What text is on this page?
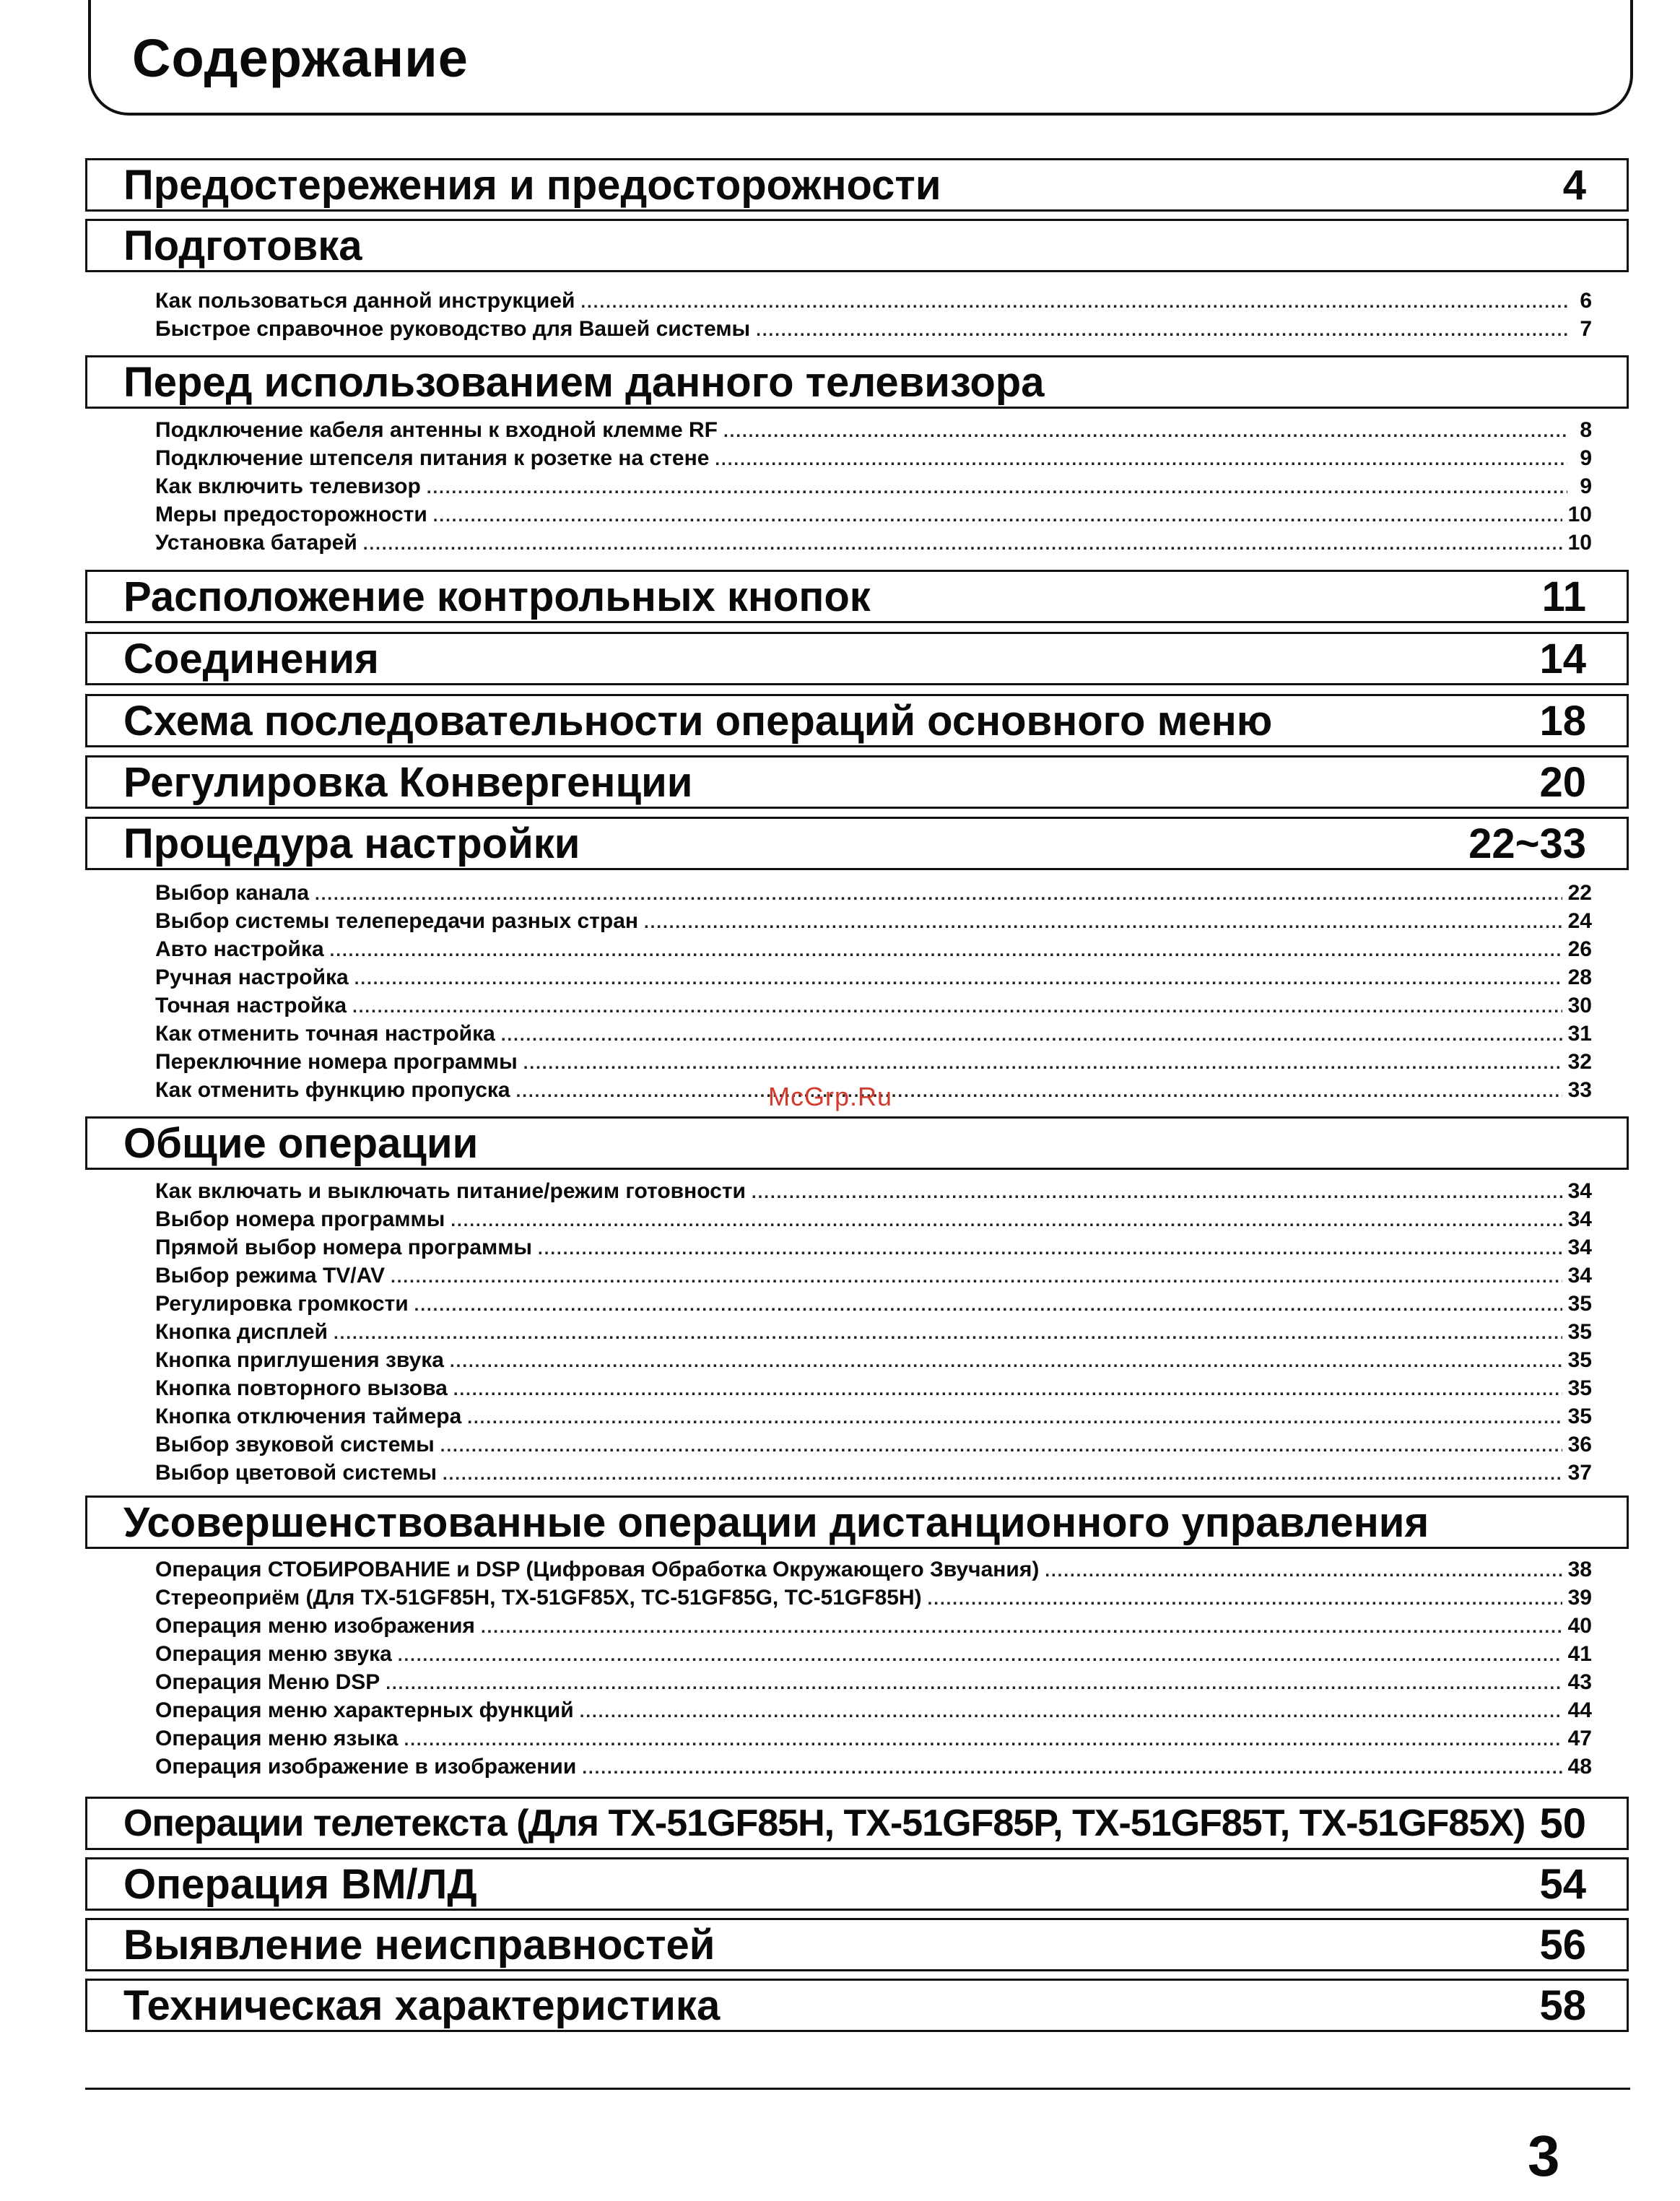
Содержание
Предостережения и предосторожности	4
Подготовка
Как пользоваться данной инструкцией .....	6
Быстрое справочное руководство для Вашей системы .....	7
Перед использованием данного телевизора
Подключение кабеля антенны к входной клемме RF .....	8
Подключение штепселя питания к розетке на стене .....	9
Как включить телевизор .....	9
Меры предосторожности .....	10
Установка батарей .....	10
Расположение контрольных кнопок	11
Соединения	14
Схема последовательности операций основного меню	18
Регулировка Конвергенции	20
Процедура настройки	22~33
Выбор канала .....	22
Выбор системы телепередачи разных стран .....	24
Авто настройка .....	26
Ручная настройка .....	28
Точная настройка .....	30
Как отменить точная настройка .....	31
Переключние номера программы .....	32
Как отменить функцию пропуска .....	33
McGrp.Ru
Общие операции
Как включать и выключать питание/режим готовности .....	34
Выбор номера программы .....	34
Прямой выбор номера программы .....	34
Выбор режима TV/AV .....	34
Регулировка громкости .....	35
Кнопка дисплей .....	35
Кнопка приглушения звука .....	35
Кнопка повторного вызова .....	35
Кнопка отключения таймера .....	35
Выбор звуковой системы .....	36
Выбор цветовой системы .....	37
Усовершенствованные операции дистанционного управления
Операция СТОБИРОВАНИЕ и DSP (Цифровая Обработка Окружающего Звучания) .....	38
Стереоприём (Для TX-51GF85H, TX-51GF85X, TC-51GF85G, TC-51GF85H) .....	39
Операция меню изображения .....	40
Операция меню звука .....	41
Операция Меню DSP .....	43
Операция меню характерных функций .....	44
Операция меню языка .....	47
Операция изображение в изображении .....	48
Операции телетекста (Для TX-51GF85H, TX-51GF85P, TX-51GF85T, TX-51GF85X) 50
Операция ВМ/ЛД	54
Выявление неисправностей	56
Техническая характеристика	58
3
